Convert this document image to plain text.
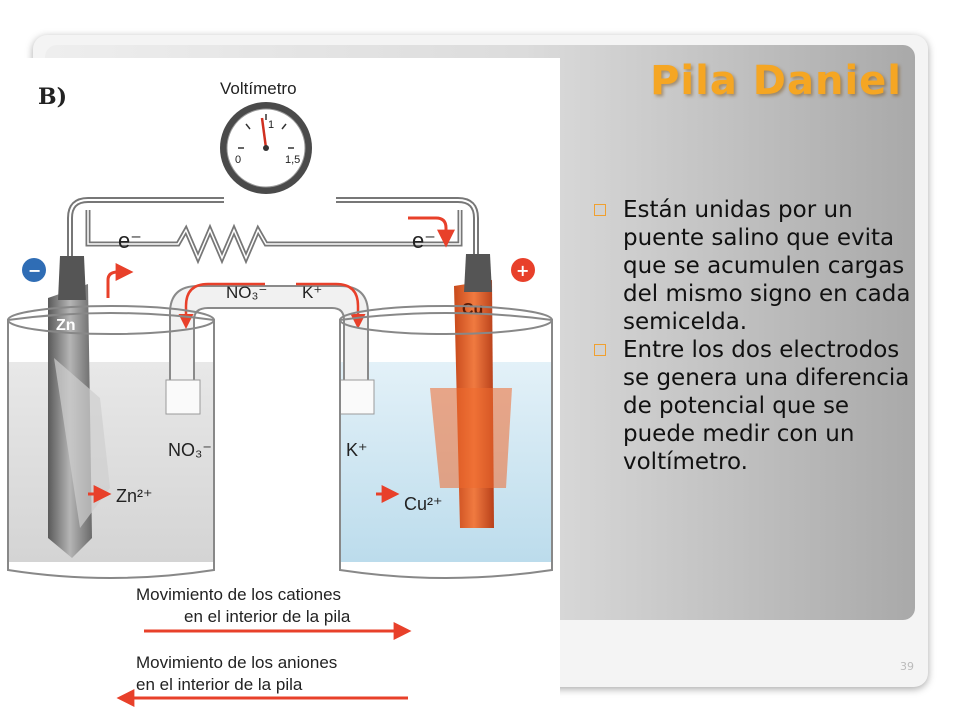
Pila Daniel
Están unidas por un puente salino que evita que se acumulen cargas del mismo signo en cada semicelda.
Entre los dos electrodos se genera una diferencia de potencial que se puede medir con un voltímetro.
39
B)	Voltímetro
0
1
1,5
e⁻	e⁻
−	+
NO₃⁻ K⁺
Zn
Cu
NO₃⁻	K⁺
Zn²⁺	Cu²⁺
Movimiento de los cationes
en el interior de la pila
Movimiento de los aniones
en el interior de la pila
